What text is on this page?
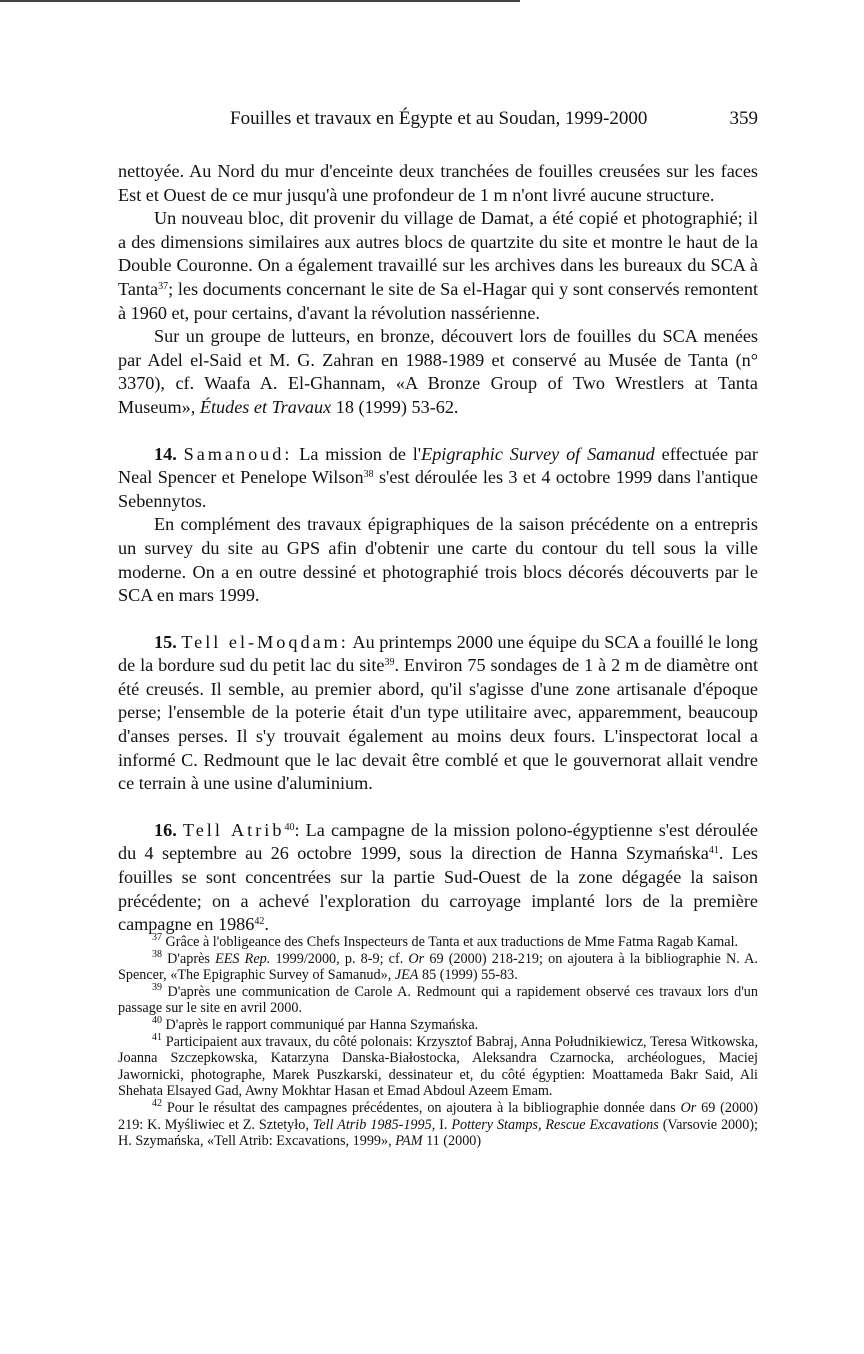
Fouilles et travaux en Égypte et au Soudan, 1999-2000	359

nettoyée. Au Nord du mur d'enceinte deux tranchées de fouilles creusées sur les faces Est et Ouest de ce mur jusqu'à une profondeur de 1 m n'ont livré aucune structure.

Un nouveau bloc, dit provenir du village de Damat, a été copié et photographié; il a des dimensions similaires aux autres blocs de quartzite du site et montre le haut de la Double Couronne. On a également travaillé sur les archives dans les bureaux du SCA à Tanta$^{37}$; les documents concernant le site de Sa el-Hagar qui y sont conservés remontent à 1960 et, pour certains, d'avant la révolution nassérienne.

Sur un groupe de lutteurs, en bronze, découvert lors de fouilles du SCA menées par Adel el-Said et M. G. Zahran en 1988-1989 et conservé au Musée de Tanta (n° 3370), cf. Waafa A. El-Ghannam, «A Bronze Group of Two Wrestlers at Tanta Museum», Études et Travaux 18 (1999) 53-62.

14. Samanoud: La mission de l'Epigraphic Survey of Samanud effectuée par Neal Spencer et Penelope Wilson$^{38}$ s'est déroulée les 3 et 4 octobre 1999 dans l'antique Sebennytos.

En complément des travaux épigraphiques de la saison précédente on a entrepris un survey du site au GPS afin d'obtenir une carte du contour du tell sous la ville moderne. On a en outre dessiné et photographié trois blocs décorés découverts par le SCA en mars 1999.

15. Tell el-Moqdam: Au printemps 2000 une équipe du SCA a fouillé le long de la bordure sud du petit lac du site$^{39}$. Environ 75 sondages de 1 à 2 m de diamètre ont été creusés. Il semble, au premier abord, qu'il s'agisse d'une zone artisanale d'époque perse; l'ensemble de la poterie était d'un type utilitaire avec, apparemment, beaucoup d'anses perses. Il s'y trouvait également au moins deux fours. L'inspectorat local a informé C. Redmount que le lac devait être comblé et que le gouvernorat allait vendre ce terrain à une usine d'aluminium.

16. Tell Atrib$^{40}$: La campagne de la mission polono-égyptienne s'est déroulée du 4 septembre au 26 octobre 1999, sous la direction de Hanna Szymańska$^{41}$. Les fouilles se sont concentrées sur la partie Sud-Ouest de la zone dégagée la saison précédente; on a achevé l'exploration du carroyage implanté lors de la première campagne en 1986$^{42}$.

$^{37}$ Grâce à l'obligeance des Chefs Inspecteurs de Tanta et aux traductions de Mme Fatma Ragab Kamal.

$^{38}$ D'après EES Rep. 1999/2000, p. 8-9; cf. Or 69 (2000) 218-219; on ajoutera à la bibliographie N. A. Spencer, «The Epigraphic Survey of Samanud», JEA 85 (1999) 55-83.

$^{39}$ D'après une communication de Carole A. Redmount qui a rapidement observé ces travaux lors d'un passage sur le site en avril 2000.

$^{40}$ D'après le rapport communiqué par Hanna Szymańska.

$^{41}$ Participaient aux travaux, du côté polonais: Krzysztof Babraj, Anna Południkiewicz, Teresa Witkowska, Joanna Szczepkowska, Katarzyna Danska-Białostocka, Aleksandra Czarnocka, archéologues, Maciej Jawornicki, photographe, Marek Puszkarski, dessinateur et, du côté égyptien: Moattameda Bakr Said, Ali Shehata Elsayed Gad, Awny Mokhtar Hasan et Emad Abdoul Azeem Emam.

$^{42}$ Pour le résultat des campagnes précédentes, on ajoutera à la bibliographie donnée dans Or 69 (2000) 219: K. Myśliwiec et Z. Sztetyło, Tell Atrib 1985-1995, I. Pottery Stamps, Rescue Excavations (Varsovie 2000); H. Szymańska, «Tell Atrib: Excavations, 1999», PAM 11 (2000)
